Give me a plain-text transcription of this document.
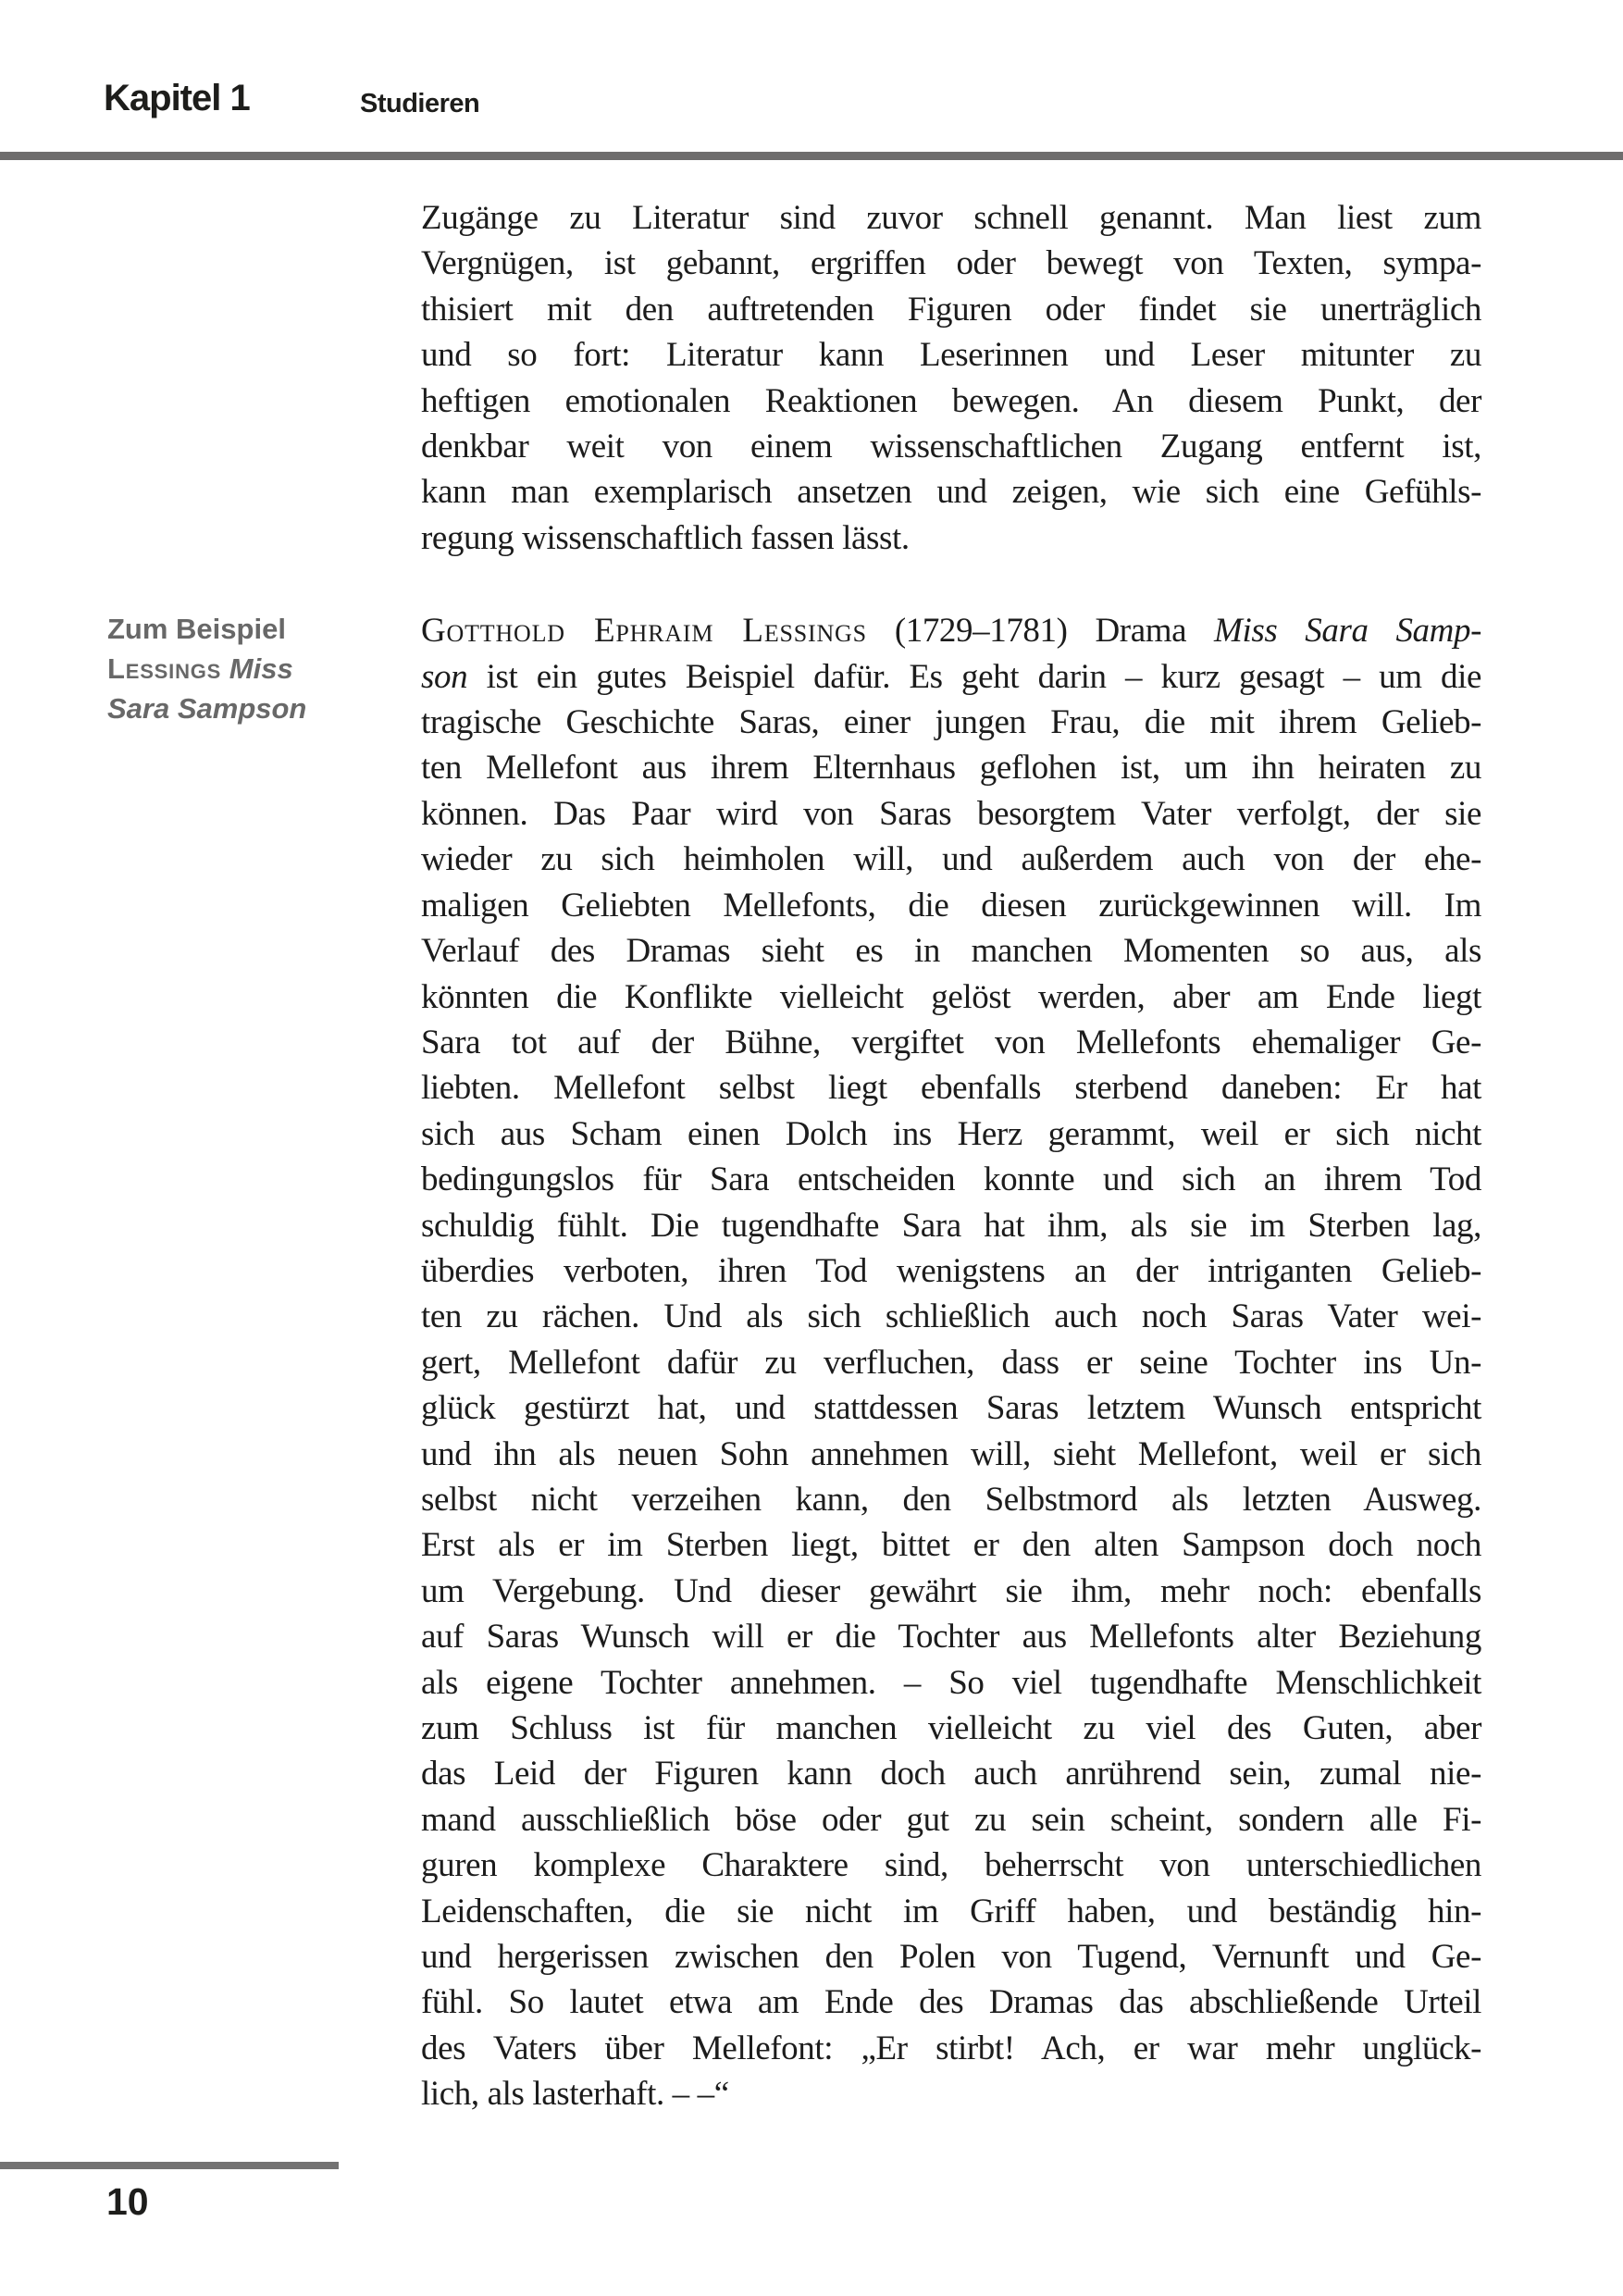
Kapitel 1	Studieren
Zum Beispiel
Lessings Miss
Sara Sampson
Zugänge zu Literatur sind zuvor schnell genannt. Man liest zum
Vergnügen, ist gebannt, ergriffen oder bewegt von Texten, sympa-
thisiert mit den auftretenden Figuren oder findet sie unerträglich
und so fort: Literatur kann Leserinnen und Leser mitunter zu
heftigen emotionalen Reaktionen bewegen. An diesem Punkt, der
denkbar weit von einem wissenschaftlichen Zugang entfernt ist,
kann man exemplarisch ansetzen und zeigen, wie sich eine Gefühls-
regung wissenschaftlich fassen lässt.
Gotthold Ephraim Lessings (1729–1781) Drama Miss Sara Samp-
son ist ein gutes Beispiel dafür. Es geht darin – kurz gesagt – um die
tragische Geschichte Saras, einer jungen Frau, die mit ihrem Gelieb-
ten Mellefont aus ihrem Elternhaus geflohen ist, um ihn heiraten zu
können. Das Paar wird von Saras besorgtem Vater verfolgt, der sie
wieder zu sich heimholen will, und außerdem auch von der ehe-
maligen Geliebten Mellefonts, die diesen zurückgewinnen will. Im
Verlauf des Dramas sieht es in manchen Momenten so aus, als
könnten die Konflikte vielleicht gelöst werden, aber am Ende liegt
Sara tot auf der Bühne, vergiftet von Mellefonts ehemaliger Ge-
liebten. Mellefont selbst liegt ebenfalls sterbend daneben: Er hat
sich aus Scham einen Dolch ins Herz gerammt, weil er sich nicht
bedingungslos für Sara entscheiden konnte und sich an ihrem Tod
schuldig fühlt. Die tugendhafte Sara hat ihm, als sie im Sterben lag,
überdies verboten, ihren Tod wenigstens an der intriganten Gelieb-
ten zu rächen. Und als sich schließlich auch noch Saras Vater wei-
gert, Mellefont dafür zu verfluchen, dass er seine Tochter ins Un-
glück gestürzt hat, und stattdessen Saras letztem Wunsch entspricht
und ihn als neuen Sohn annehmen will, sieht Mellefont, weil er sich
selbst nicht verzeihen kann, den Selbstmord als letzten Ausweg.
Erst als er im Sterben liegt, bittet er den alten Sampson doch noch
um Vergebung. Und dieser gewährt sie ihm, mehr noch: ebenfalls
auf Saras Wunsch will er die Tochter aus Mellefonts alter Beziehung
als eigene Tochter annehmen. – So viel tugendhafte Menschlichkeit
zum Schluss ist für manchen vielleicht zu viel des Guten, aber
das Leid der Figuren kann doch auch anrührend sein, zumal nie-
mand ausschließlich böse oder gut zu sein scheint, sondern alle Fi-
guren komplexe Charaktere sind, beherrscht von unterschiedlichen
Leidenschaften, die sie nicht im Griff haben, und beständig hin-
und hergerissen zwischen den Polen von Tugend, Vernunft und Ge-
fühl. So lautet etwa am Ende des Dramas das abschließende Urteil
des Vaters über Mellefont: „Er stirbt! Ach, er war mehr unglück-
lich, als lasterhaft. – –“
10
